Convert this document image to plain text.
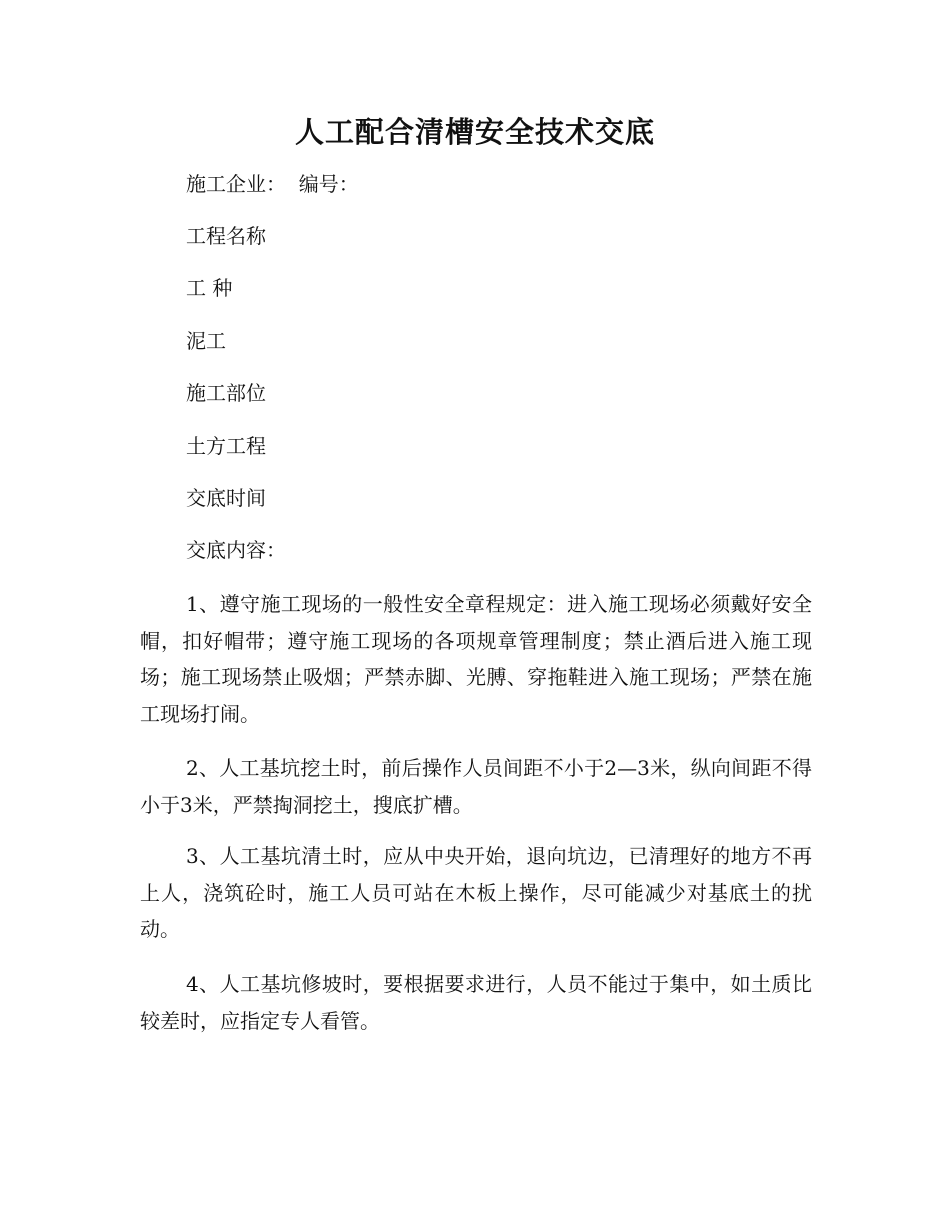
人工配合清槽安全技术交底
施工企业：  编号：
工程名称
工 种
泥工
施工部位
土方工程
交底时间
交底内容：

1、遵守施工现场的一般性安全章程规定：进入施工现场必须戴好安全帽，扣好帽带；遵守施工现场的各项规章管理制度；禁止酒后进入施工现场；施工现场禁止吸烟；严禁赤脚、光膊、穿拖鞋进入施工现场；严禁在施工现场打闹。

2、人工基坑挖土时，前后操作人员间距不小于2—3米，纵向间距不得小于3米，严禁掏洞挖土，搜底扩槽。

3、人工基坑清土时，应从中央开始，退向坑边，已清理好的地方不再上人，浇筑砼时，施工人员可站在木板上操作，尽可能减少对基底土的扰动。

4、人工基坑修坡时，要根据要求进行，人员不能过于集中，如土质比较差时，应指定专人看管。
